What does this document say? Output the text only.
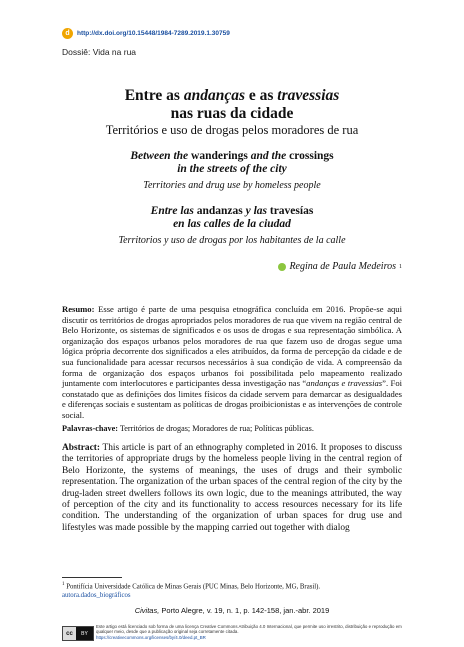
d	http://dx.doi.org/10.15448/1984-7289.2019.1.30759
Dossiê: Vida na rua
Entre as andanças e as travessias
nas ruas da cidade
Territórios e uso de drogas pelos moradores de rua
Between the wanderings and the crossings
in the streets of the city
Territories and drug use by homeless people
Entre las andanzas y las travesías
en las calles de la ciudad
Territorios y uso de drogas por los habitantes de la calle
Regina de Paula Medeiros 1
Resumo: Esse artigo é parte de uma pesquisa etnográfica concluída em 2016. Propõe-se aqui discutir os territórios de drogas apropriados pelos moradores de rua que vivem na região central de Belo Horizonte, os sistemas de significados e os usos de drogas e sua representação simbólica. A organização dos espaços urbanos pelos moradores de rua que fazem uso de drogas segue uma lógica própria decorrente dos significados a eles atribuídos, da forma de percepção da cidade e de sua funcionalidade para acessar recursos necessários à sua condição de vida. A compreensão da forma de organização dos espaços urbanos foi possibilitada pelo mapeamento realizado juntamente com interlocutores e participantes dessa investigação nas “andanças e travessias”. Foi constatado que as definições dos limites físicos da cidade servem para demarcar as desigualdades e diferenças sociais e sustentam as políticas de drogas proibicionistas e as intervenções de controle social.
Palavras-chave: Territórios de drogas; Moradores de rua; Políticas públicas.
Abstract: This article is part of an ethnography completed in 2016. It proposes to discuss the territories of appropriate drugs by the homeless people living in the central region of Belo Horizonte, the systems of meanings, the uses of drugs and their symbolic representation. The organization of the urban spaces of the central region of the city by the drug-laden street dwellers follows its own logic, due to the meanings attributed, the way of perception of the city and its functionality to access resources necessary for its life condition. The understanding of the organization of urban spaces for drug use and lifestyles was made possible by the mapping carried out together with dialog
$^1$ Pontifícia Universidade Católica de Minas Gerais (PUC Minas, Belo Horizonte, MG, Brasil).
autora.dados_biográficos
Civitas, Porto Alegre, v. 19, n. 1, p. 142-158, jan.-abr. 2019
cc	BY
Este artigo está licenciado sob forma de uma licença Creative Commons Atribuição 4.0 Internacional, que permite uso irrestrito, distribuição e reprodução em qualquer meio, desde que a publicação original seja corretamente citada.
https://creativecommons.org/licenses/by/4.0/deed.pt_BR
